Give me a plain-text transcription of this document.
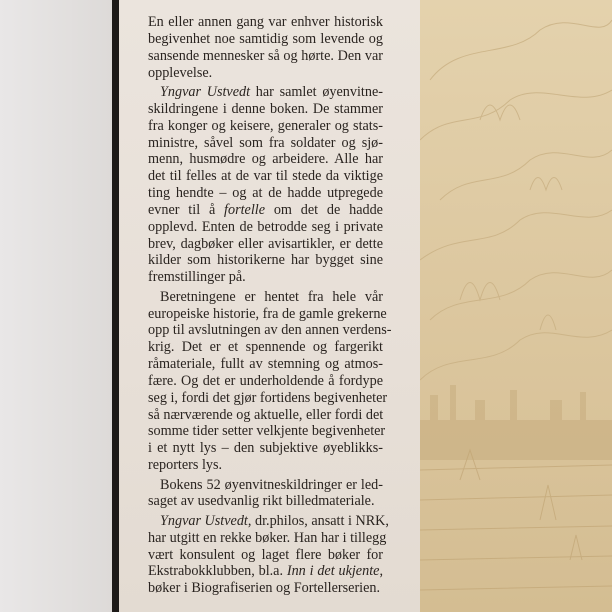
En eller annen gang var enhver historisk
begivenhet noe samtidig som levende og
sansende mennesker så og hørte. Den var
opplevelse.
Yngvar Ustvedt har samlet øyenvitne-
skildringene i denne boken. De stammer
fra konger og keisere, generaler og stats-
ministre, såvel som fra soldater og sjø-
menn, husmødre og arbeidere. Alle har
det til felles at de var til stede da viktige
ting hendte – og at de hadde utpregede
evner til å fortelle om det de hadde
opplevd. Enten de betrodde seg i private
brev, dagbøker eller avisartikler, er dette
kilder som historikerne har bygget sine
fremstillinger på.
Beretningene er hentet fra hele vår
europeiske historie, fra de gamle grekerne
opp til avslutningen av den annen verdens-
krig. Det er et spennende og fargerikt
råmateriale, fullt av stemning og atmos-
fære. Og det er underholdende å fordype
seg i, fordi det gjør fortidens begivenheter
så nærværende og aktuelle, eller fordi det
somme tider setter velkjente begivenheter
i et nytt lys – den subjektive øyeblikks-
reporters lys.
Bokens 52 øyenvitneskildringer er led-
saget av usedvanlig rikt billedmateriale.
Yngvar Ustvedt, dr.philos, ansatt i NRK,
har utgitt en rekke bøker. Han har i tillegg
vært konsulent og laget flere bøker for
Ekstrabokklubben, bl.a. Inn i det ukjente,
bøker i Biografiserien og Fortellerserien.
